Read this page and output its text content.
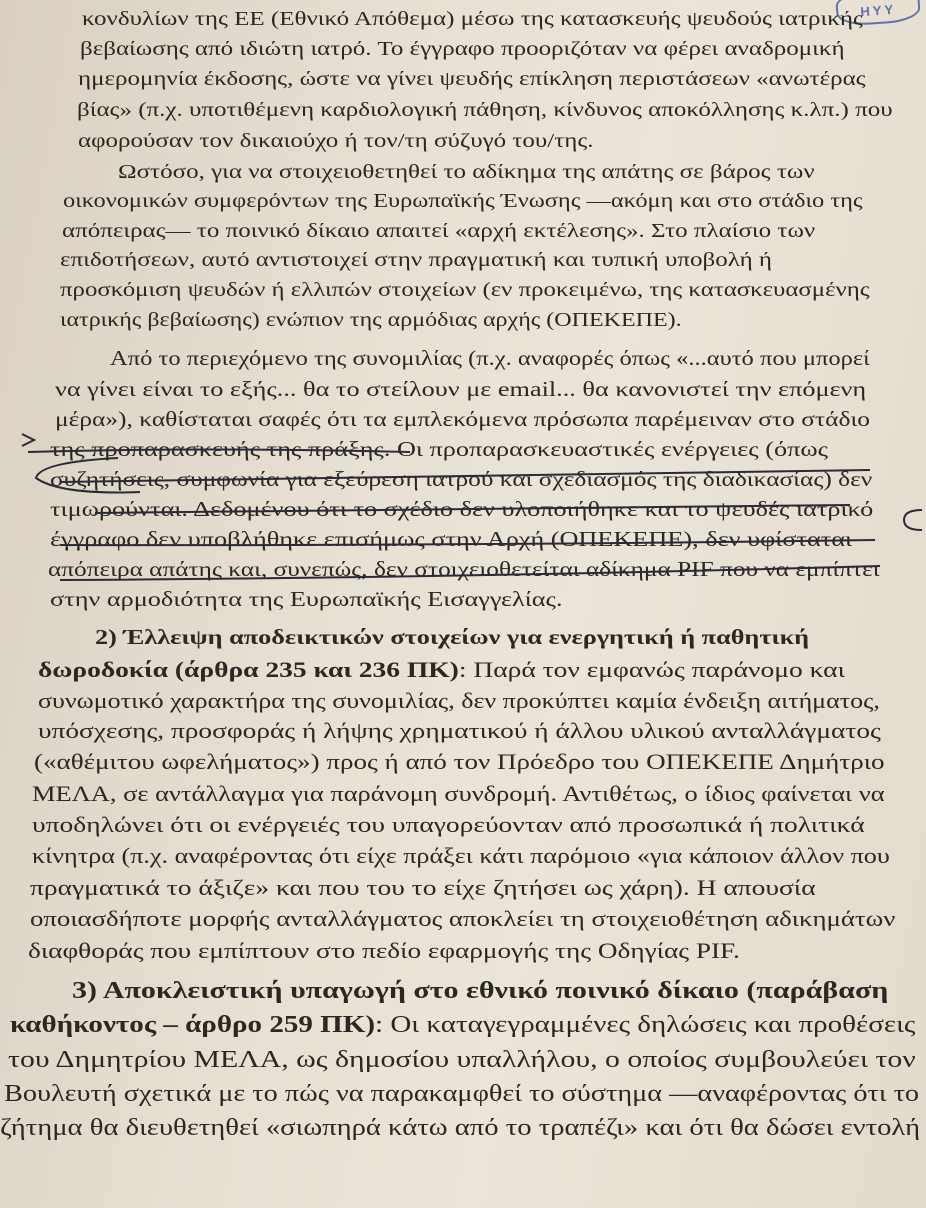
ΗΥΥ
κονδυλίων της ΕΕ (Εθνικό Απόθεμα) μέσω της κατασκευής ψευδούς ιατρικής
βεβαίωσης από ιδιώτη ιατρό. Το έγγραφο προοριζόταν να φέρει αναδρομική
ημερομηνία έκδοσης, ώστε να γίνει ψευδής επίκληση περιστάσεων «ανωτέρας
βίας» (π.χ. υποτιθέμενη καρδιολογική πάθηση, κίνδυνος αποκόλλησης κ.λπ.) που
αφορούσαν τον δικαιούχο ή τον/τη σύζυγό του/της.
Ωστόσο, για να στοιχειοθετηθεί το αδίκημα της απάτης σε βάρος των
οικονομικών συμφερόντων της Ευρωπαϊκής Ένωσης —ακόμη και στο στάδιο της
απόπειρας— το ποινικό δίκαιο απαιτεί «αρχή εκτέλεσης». Στο πλαίσιο των
επιδοτήσεων, αυτό αντιστοιχεί στην πραγματική και τυπική υποβολή ή
προσκόμιση ψευδών ή ελλιπών στοιχείων (εν προκειμένω, της κατασκευασμένης
ιατρικής βεβαίωσης) ενώπιον της αρμόδιας αρχής (ΟΠΕΚΕΠΕ).
Από το περιεχόμενο της συνομιλίας (π.χ. αναφορές όπως «...αυτό που μπορεί
να γίνει είναι το εξής... θα το στείλουν με email... θα κανονιστεί την επόμενη
μέρα»), καθίσταται σαφές ότι τα εμπλεκόμενα πρόσωπα παρέμειναν στο στάδιο
της προπαρασκευής της πράξης. Οι προπαρασκευαστικές ενέργειες (όπως
συζητήσεις, συμφωνία για εξεύρεση ιατρού και σχεδιασμός της διαδικασίας) δεν
τιμωρούνται. Δεδομένου ότι το σχέδιο δεν υλοποιήθηκε και το ψευδές ιατρικό
έγγραφο δεν υποβλήθηκε επισήμως στην Αρχή (ΟΠΕΚΕΠΕ), δεν υφίσταται
απόπειρα απάτης και, συνεπώς, δεν στοιχειοθετείται αδίκημα PIF που να εμπίπτει
στην αρμοδιότητα της Ευρωπαϊκής Εισαγγελίας.
2) Έλλειψη αποδεικτικών στοιχείων για ενεργητική ή παθητική
δωροδοκία (άρθρα 235 και 236 ΠΚ): Παρά τον εμφανώς παράνομο και
συνωμοτικό χαρακτήρα της συνομιλίας, δεν προκύπτει καμία ένδειξη αιτήματος,
υπόσχεσης, προσφοράς ή λήψης χρηματικού ή άλλου υλικού ανταλλάγματος
(«αθέμιτου ωφελήματος») προς ή από τον Πρόεδρο του ΟΠΕΚΕΠΕ Δημήτριο
ΜΕΛΑ, σε αντάλλαγμα για παράνομη συνδρομή. Αντιθέτως, ο ίδιος φαίνεται να
υποδηλώνει ότι οι ενέργειές του υπαγορεύονταν από προσωπικά ή πολιτικά
κίνητρα (π.χ. αναφέροντας ότι είχε πράξει κάτι παρόμοιο «για κάποιον άλλον που
πραγματικά το άξιζε» και που του το είχε ζητήσει ως χάρη). Η απουσία
οποιασδήποτε μορφής ανταλλάγματος αποκλείει τη στοιχειοθέτηση αδικημάτων
διαφθοράς που εμπίπτουν στο πεδίο εφαρμογής της Οδηγίας PIF.
3) Αποκλειστική υπαγωγή στο εθνικό ποινικό δίκαιο (παράβαση
καθήκοντος – άρθρο 259 ΠΚ): Οι καταγεγραμμένες δηλώσεις και προθέσεις
του Δημητρίου ΜΕΛΑ, ως δημοσίου υπαλλήλου, ο οποίος συμβουλεύει τον
Βουλευτή σχετικά με το πώς να παρακαμφθεί το σύστημα —αναφέροντας ότι το
ζήτημα θα διευθετηθεί «σιωπηρά κάτω από το τραπέζι» και ότι θα δώσει εντολή
